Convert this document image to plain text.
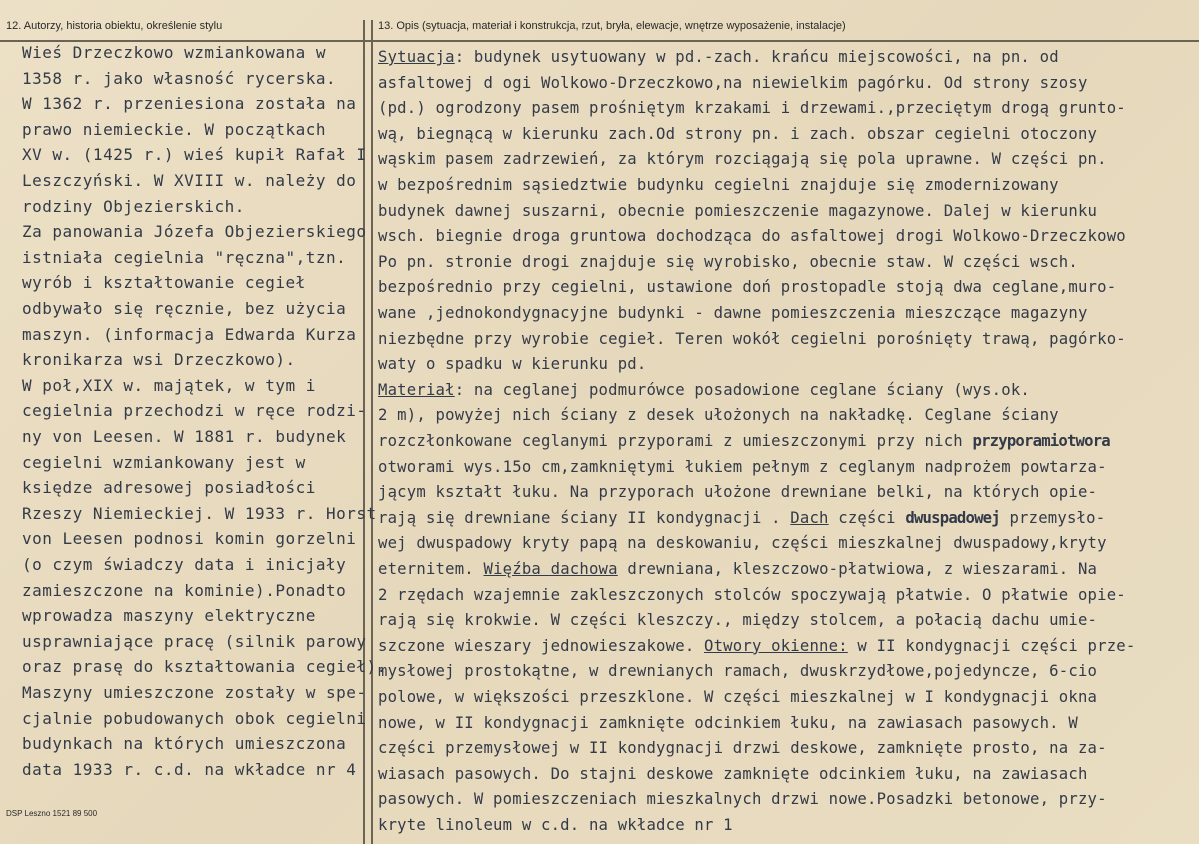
12. Autorzy, historia obiektu, określenie stylu	13. Opis (sytuacja, materiał i konstrukcja, rzut, bryła, elewacje, wnętrze wyposażenie, instalacje)
Wieś Drzeczkowo wzmiankowana w
1358 r. jako własność rycerska.
W 1362 r. przeniesiona została na
prawo niemieckie. W początkach
XV w. (1425 r.) wieś kupił Rafał I
Leszczyński. W XVIII w. należy do
rodziny Objezierskich.
Za panowania Józefa Objezierskiego
istniała cegielnia "ręczna",tzn.
wyrób i kształtowanie cegieł
odbywało się ręcznie, bez użycia
maszyn. (informacja Edwarda Kurza
kronikarza wsi Drzeczkowo).
W poł,XIX w. majątek, w tym i
cegielnia przechodzi w ręce rodzi-
ny von Leesen. W 1881 r. budynek
cegielni wzmiankowany jest w
księdze adresowej posiadłości
Rzeszy Niemieckiej. W 1933 r. Horst
von Leesen podnosi komin gorzelni
(o czym świadczy data i inicjały
zamieszczone na kominie).Ponadto
wprowadza maszyny elektryczne
usprawniające pracę (silnik parowy
oraz prasę do kształtowania cegieł).
Maszyny umieszczone zostały w spe-
cjalnie pobudowanych obok cegielni
budynkach na których umieszczona
data 1933 r. c.d. na wkładce nr 4
Sytuacja: budynek usytuowany w pd.-zach. krańcu miejscowości, na pn. od
asfaltowej d ogi Wolkowo-Drzeczkowo,na niewielkim pagórku. Od strony szosy
(pd.) ogrodzony pasem prośniętym krzakami i drzewami.,przeciętym drogą grunto-
wą, biegnącą w kierunku zach.Od strony pn. i zach. obszar cegielni otoczony
wąskim pasem zadrzewień, za którym rozciągają się pola uprawne. W części pn.
w bezpośrednim sąsiedztwie budynku cegielni znajduje się zmodernizowany
budynek dawnej suszarni, obecnie pomieszczenie magazynowe. Dalej w kierunku
wsch. biegnie droga gruntowa dochodząca do asfaltowej drogi Wolkowo-Drzeczkowo
Po pn. stronie drogi znajduje się wyrobisko, obecnie staw. W części wsch.
bezpośrednio przy cegielni, ustawione doń prostopadle stoją dwa ceglane,muro-
wane ,jednokondygnacyjne budynki - dawne pomieszczenia mieszczące magazyny
niezbędne przy wyrobie cegieł. Teren wokół cegielni porośnięty trawą, pagórko-
waty o spadku w kierunku pd.
Materiał: na ceglanej podmurówce posadowione ceglane ściany (wys.ok.
2 m), powyżej nich ściany z desek ułożonych na nakładkę. Ceglane ściany
rozczłonkowane ceglanymi przyporami z umieszczonymi przy nich przyporamiotwora
otworami wys.15o cm,zamkniętymi łukiem pełnym z ceglanym nadprożem powtarza-
jącym kształt łuku. Na przyporach ułożone drewniane belki, na których opie-
rają się drewniane ściany II kondygnacji . Dach części dwuspadowej przemysło-
wej dwuspadowy kryty papą na deskowaniu, części mieszkalnej dwuspadowy,kryty
eternitem. Więźba dachowa drewniana, kleszczowo-płatwiowa, z wieszarami. Na
2 rzędach wzajemnie zakleszczonych stolców spoczywają płatwie. O płatwie opie-
rają się krokwie. W części kleszczy., między stolcem, a połacią dachu umie-
szczone wieszary jednowieszakowe. Otwory okienne: w II kondygnacji części prze-
mysłowej prostokątne, w drewnianych ramach, dwuskrzydłowe,pojedyncze, 6-cio
polowe, w większości przeszklone. W części mieszkalnej w I kondygnacji okna
nowe, w II kondygnacji zamknięte odcinkiem łuku, na zawiasach pasowych. W
części przemysłowej w II kondygnacji drzwi deskowe, zamknięte prosto, na za-
wiasach pasowych. Do stajni deskowe zamknięte odcinkiem łuku, na zawiasach
pasowych. W pomieszczeniach mieszkalnych drzwi nowe.Posadzki betonowe, przy-
kryte linoleum w c.d. na wkładce nr 1
DSP Leszno 1521 89 500
